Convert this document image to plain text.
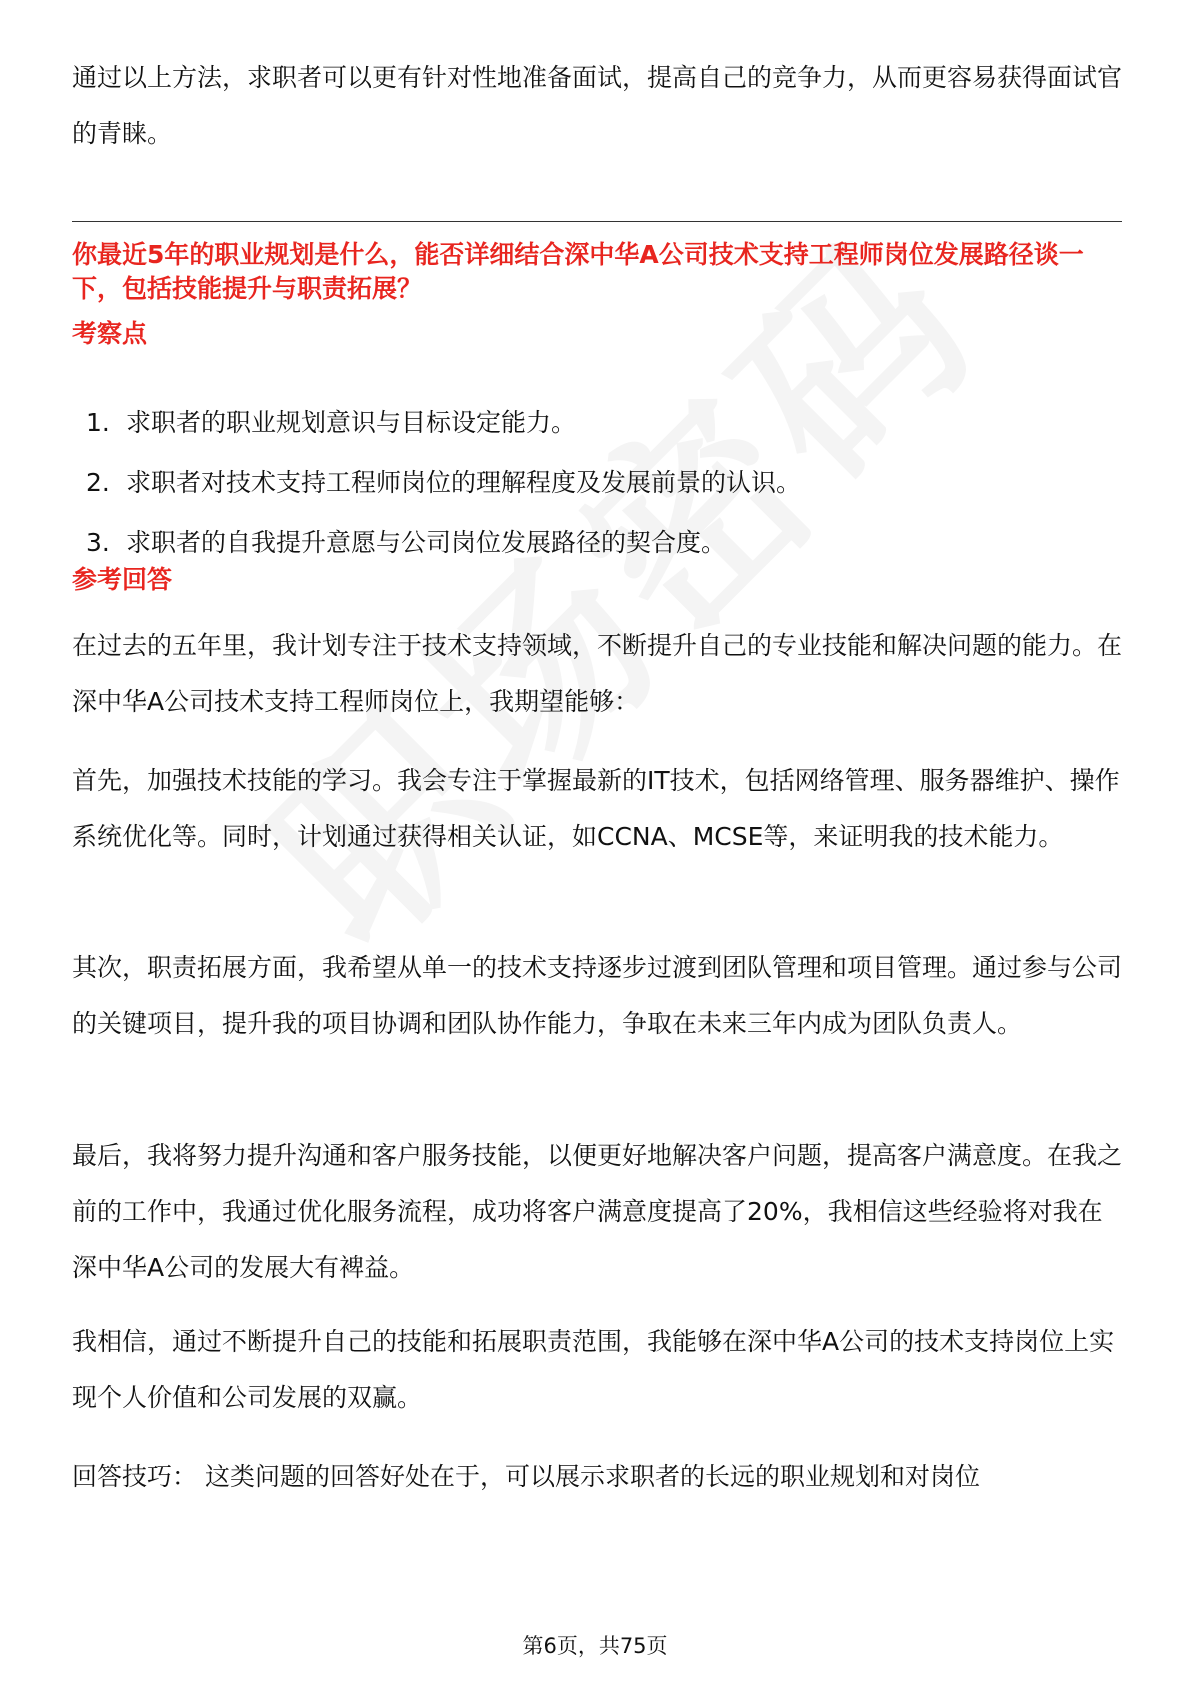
通过以上方法，求职者可以更有针对性地准备面试，提高自己的竞争力，从而更容易获得面试官的青睐。

你最近5年的职业规划是什么，能否详细结合深中华A公司技术支持工程师岗位发展路径谈一下，包括技能提升与职责拓展？

考察点
1. 求职者的职业规划意识与目标设定能力。
2. 求职者对技术支持工程师岗位的理解程度及发展前景的认识。
3. 求职者的自我提升意愿与公司岗位发展路径的契合度。
参考回答

在过去的五年里，我计划专注于技术支持领域，不断提升自己的专业技能和解决问题的能力。在深中华A公司技术支持工程师岗位上，我期望能够：

首先，加强技术技能的学习。我会专注于掌握最新的IT技术，包括网络管理、服务器维护、操作系统优化等。同时，计划通过获得相关认证，如CCNA、MCSE等，来证明我的技术能力。

其次，职责拓展方面，我希望从单一的技术支持逐步过渡到团队管理和项目管理。通过参与公司的关键项目，提升我的项目协调和团队协作能力，争取在未来三年内成为团队负责人。

最后，我将努力提升沟通和客户服务技能，以便更好地解决客户问题，提高客户满意度。在我之前的工作中，我通过优化服务流程，成功将客户满意度提高了20%，我相信这些经验将对我在深中华A公司的发展大有裨益。

我相信，通过不断提升自己的技能和拓展职责范围，我能够在深中华A公司的技术支持岗位上实现个人价值和公司发展的双赢。

回答技巧： 这类问题的回答好处在于，可以展示求职者的长远的职业规划和对岗位

第6页，共75页
